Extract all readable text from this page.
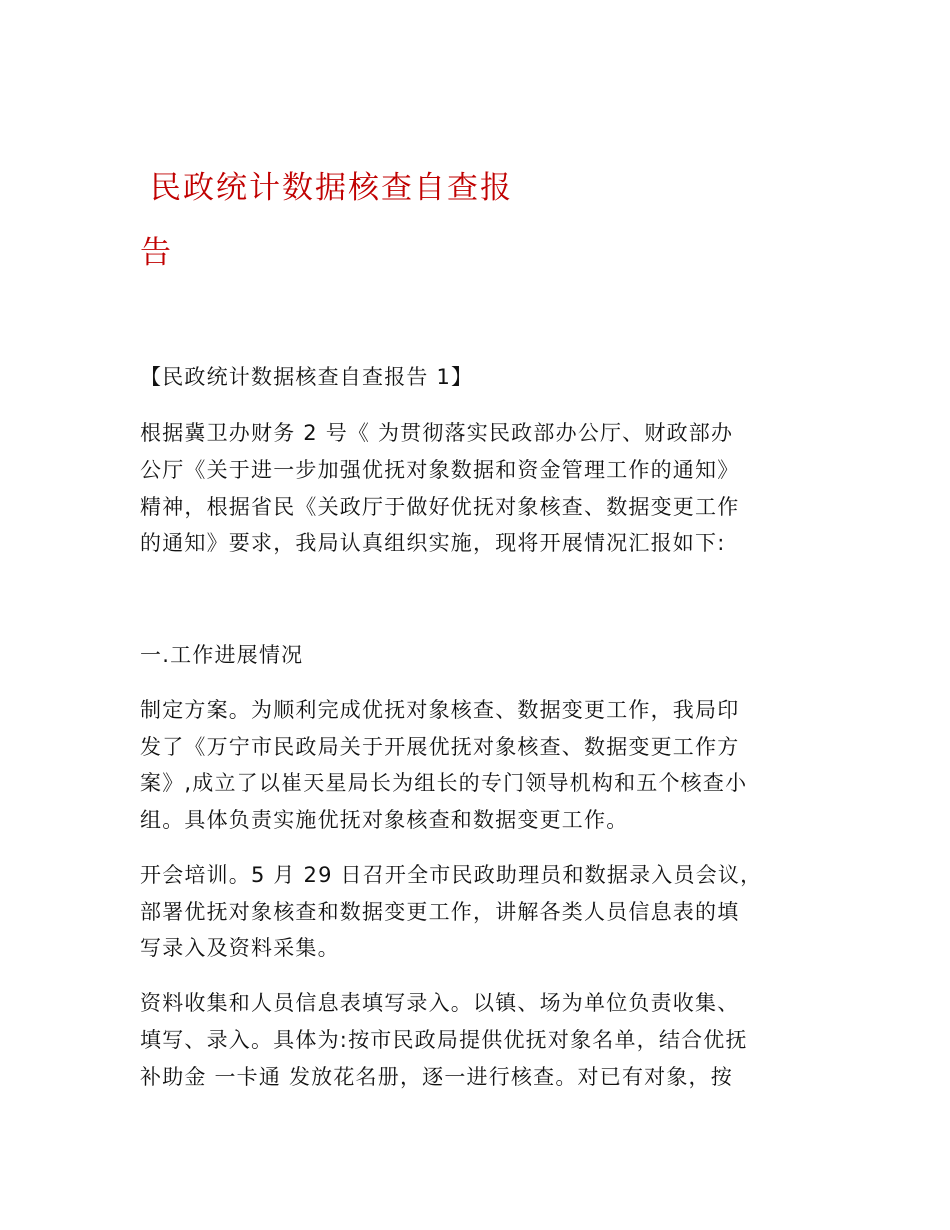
民政统计数据核查自查报
告
【民政统计数据核查自查报告 1】
根据冀卫办财务 2 号《 为贯彻落实民政部办公厅、财政部办
公厅《关于进一步加强优抚对象数据和资金管理工作的通知》
精神，根据省民《关政厅于做好优抚对象核查、数据变更工作
的通知》要求，我局认真组织实施，现将开展情况汇报如下:
一.工作进展情况
制定方案。为顺利完成优抚对象核查、数据变更工作，我局印
发了《万宁市民政局关于开展优抚对象核查、数据变更工作方
案》,成立了以崔天星局长为组长的专门领导机构和五个核查小
组。具体负责实施优抚对象核查和数据变更工作。
开会培训。5 月 29 日召开全市民政助理员和数据录入员会议，
部署优抚对象核查和数据变更工作，讲解各类人员信息表的填
写录入及资料采集。
资料收集和人员信息表填写录入。以镇、场为单位负责收集、
填写、录入。具体为:按市民政局提供优抚对象名单，结合优抚
补助金 一卡通 发放花名册，逐一进行核查。对已有对象，按
